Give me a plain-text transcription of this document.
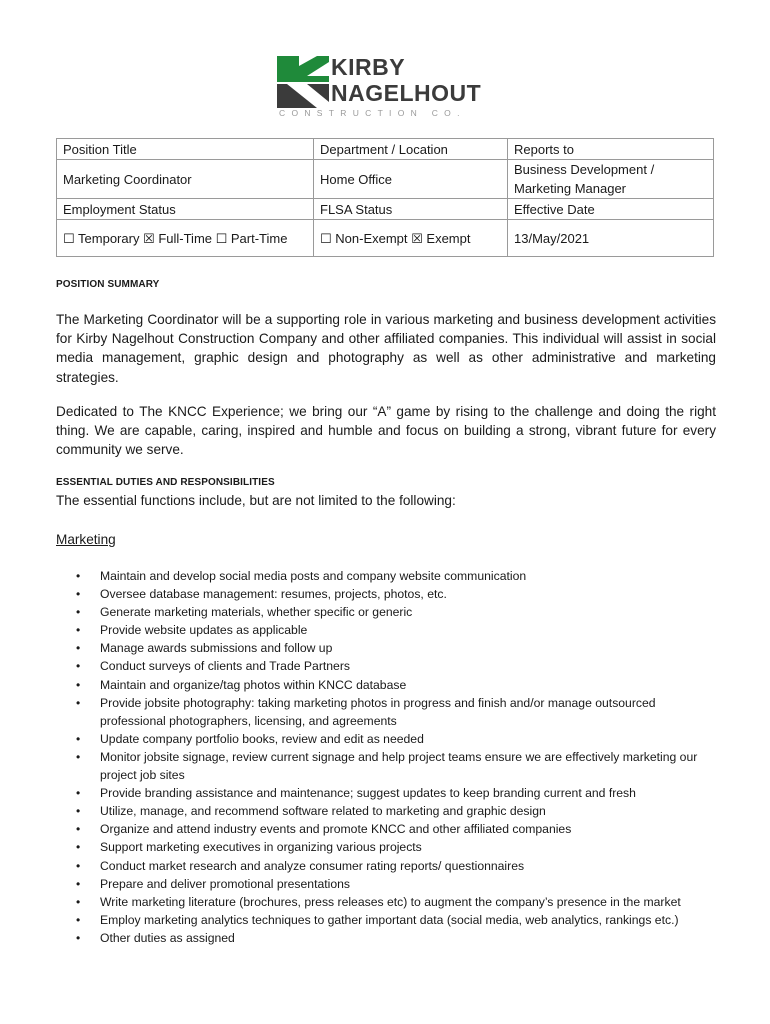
KIRBY
NAGELHOUT
CONSTRUCTION CO.
Position Title	Department / Location	Reports to
Marketing Coordinator	Home Office	Business Development / Marketing Manager
Employment Status	FLSA Status	Effective Date
☐ Temporary ☒ Full-Time ☐ Part-Time	☐ Non-Exempt ☒ Exempt	13/May/2021
POSITION SUMMARY

The Marketing Coordinator will be a supporting role in various marketing and business development activities for Kirby Nagelhout Construction Company and other affiliated companies. This individual will assist in social media management, graphic design and photography as well as other administrative and marketing strategies.

Dedicated to The KNCC Experience; we bring our “A” game by rising to the challenge and doing the right thing. We are capable, caring, inspired and humble and focus on building a strong, vibrant future for every community we serve.

ESSENTIAL DUTIES AND RESPONSIBILITIES
The essential functions include, but are not limited to the following:
Marketing
• Maintain and develop social media posts and company website communication
• Oversee database management: resumes, projects, photos, etc.
• Generate marketing materials, whether specific or generic
• Provide website updates as applicable
• Manage awards submissions and follow up
• Conduct surveys of clients and Trade Partners
• Maintain and organize/tag photos within KNCC database
• Provide jobsite photography: taking marketing photos in progress and finish and/or manage outsourced professional photographers, licensing, and agreements
• Update company portfolio books, review and edit as needed
• Monitor jobsite signage, review current signage and help project teams ensure we are effectively marketing our project job sites
• Provide branding assistance and maintenance; suggest updates to keep branding current and fresh
• Utilize, manage, and recommend software related to marketing and graphic design
• Organize and attend industry events and promote KNCC and other affiliated companies
• Support marketing executives in organizing various projects
• Conduct market research and analyze consumer rating reports/ questionnaires
• Prepare and deliver promotional presentations
• Write marketing literature (brochures, press releases etc) to augment the company’s presence in the market
• Employ marketing analytics techniques to gather important data (social media, web analytics, rankings etc.)
• Other duties as assigned
